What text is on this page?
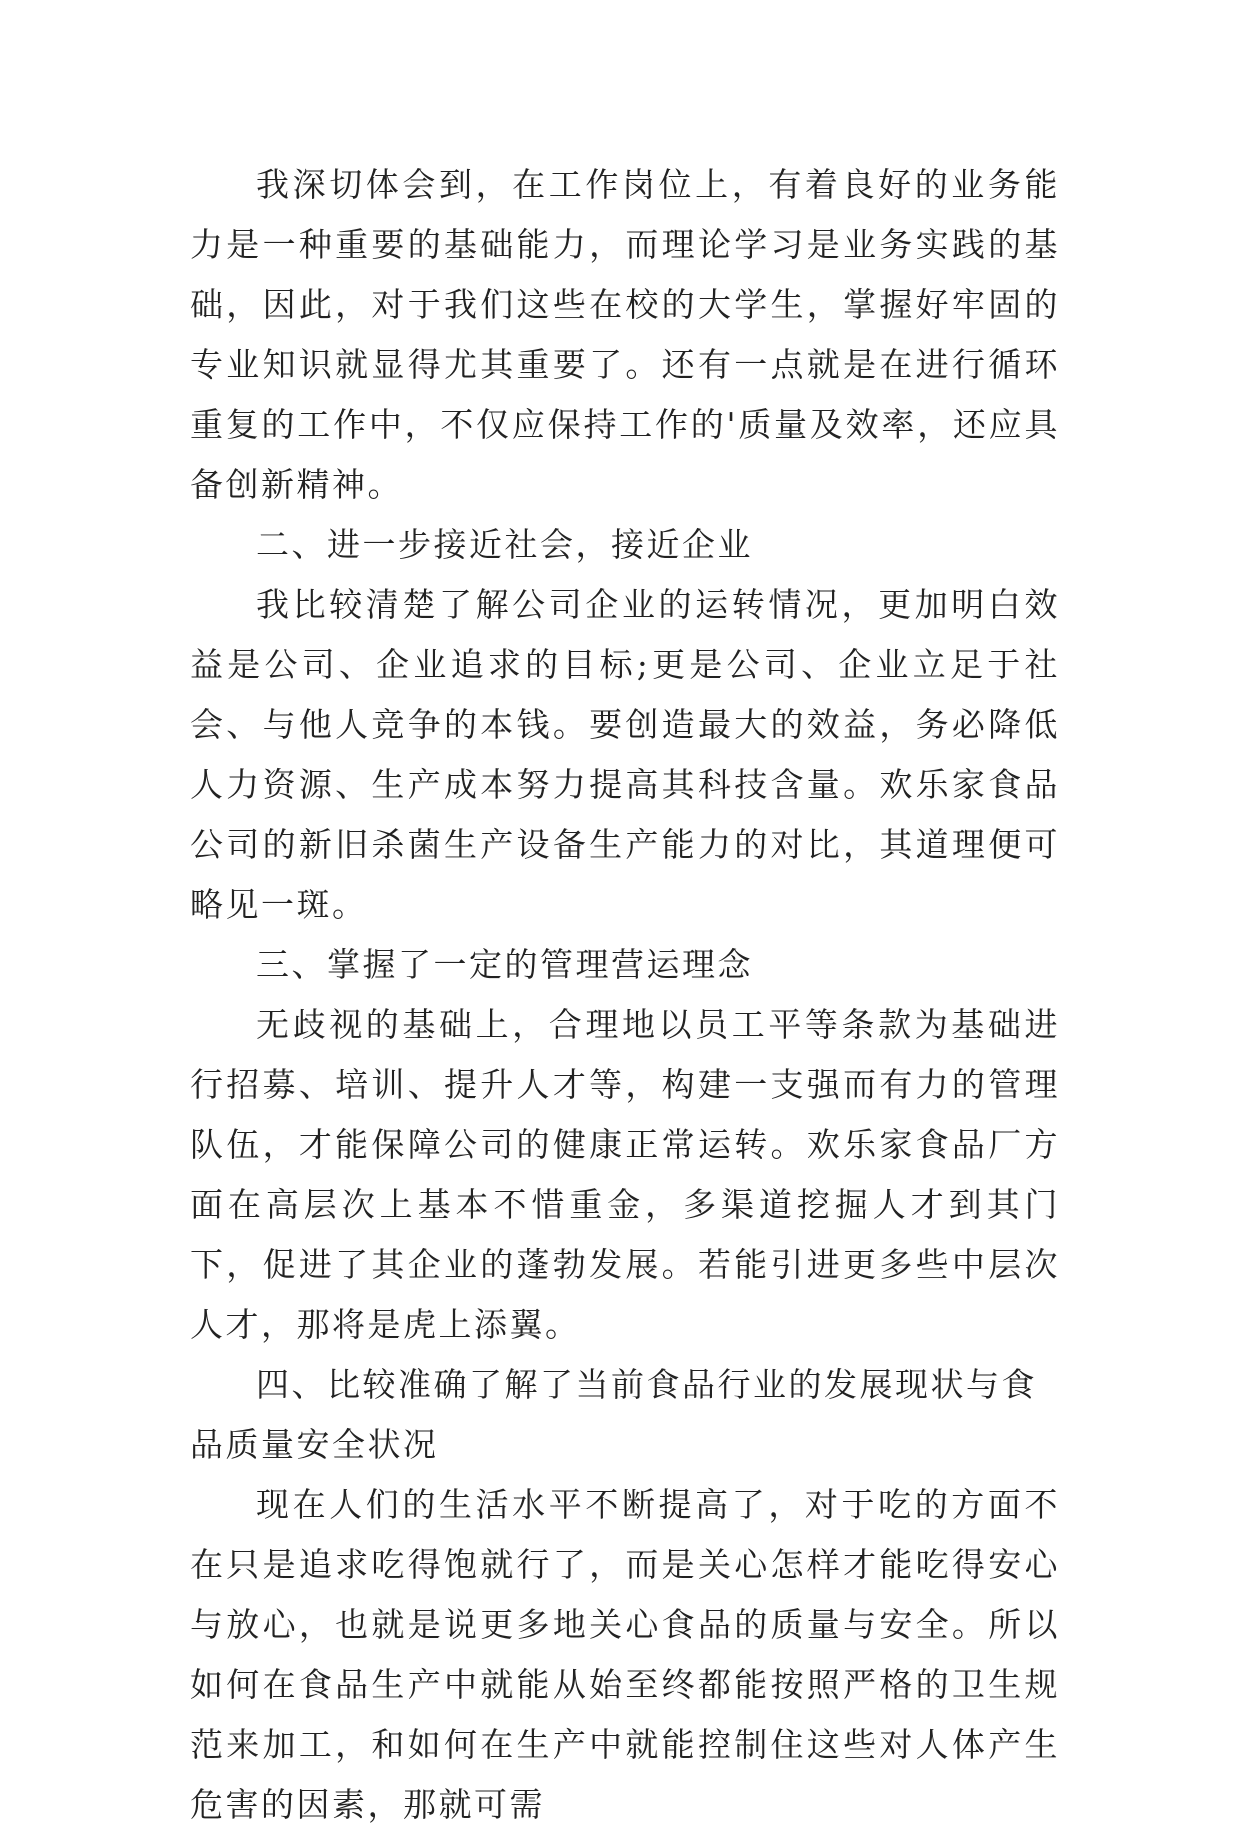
我深切体会到，在工作岗位上，有着良好的业务能力是一种重要的基础能力，而理论学习是业务实践的基础，因此，对于我们这些在校的大学生，掌握好牢固的专业知识就显得尤其重要了。还有一点就是在进行循环重复的工作中，不仅应保持工作的'质量及效率，还应具备创新精神。

二、进一步接近社会，接近企业

我比较清楚了解公司企业的运转情况，更加明白效益是公司、企业追求的目标;更是公司、企业立足于社会、与他人竞争的本钱。要创造最大的效益，务必降低人力资源、生产成本努力提高其科技含量。欢乐家食品公司的新旧杀菌生产设备生产能力的对比，其道理便可略见一斑。

三、掌握了一定的管理营运理念

无歧视的基础上，合理地以员工平等条款为基础进行招募、培训、提升人才等，构建一支强而有力的管理队伍，才能保障公司的健康正常运转。欢乐家食品厂方面在高层次上基本不惜重金，多渠道挖掘人才到其门下，促进了其企业的蓬勃发展。若能引进更多些中层次人才，那将是虎上添翼。

四、比较准确了解了当前食品行业的发展现状与食品质量安全状况

现在人们的生活水平不断提高了，对于吃的方面不在只是追求吃得饱就行了，而是关心怎样才能吃得安心与放心，也就是说更多地关心食品的质量与安全。所以如何在食品生产中就能从始至终都能按照严格的卫生规范来加工，和如何在生产中就能控制住这些对人体产生危害的因素，那就可需
